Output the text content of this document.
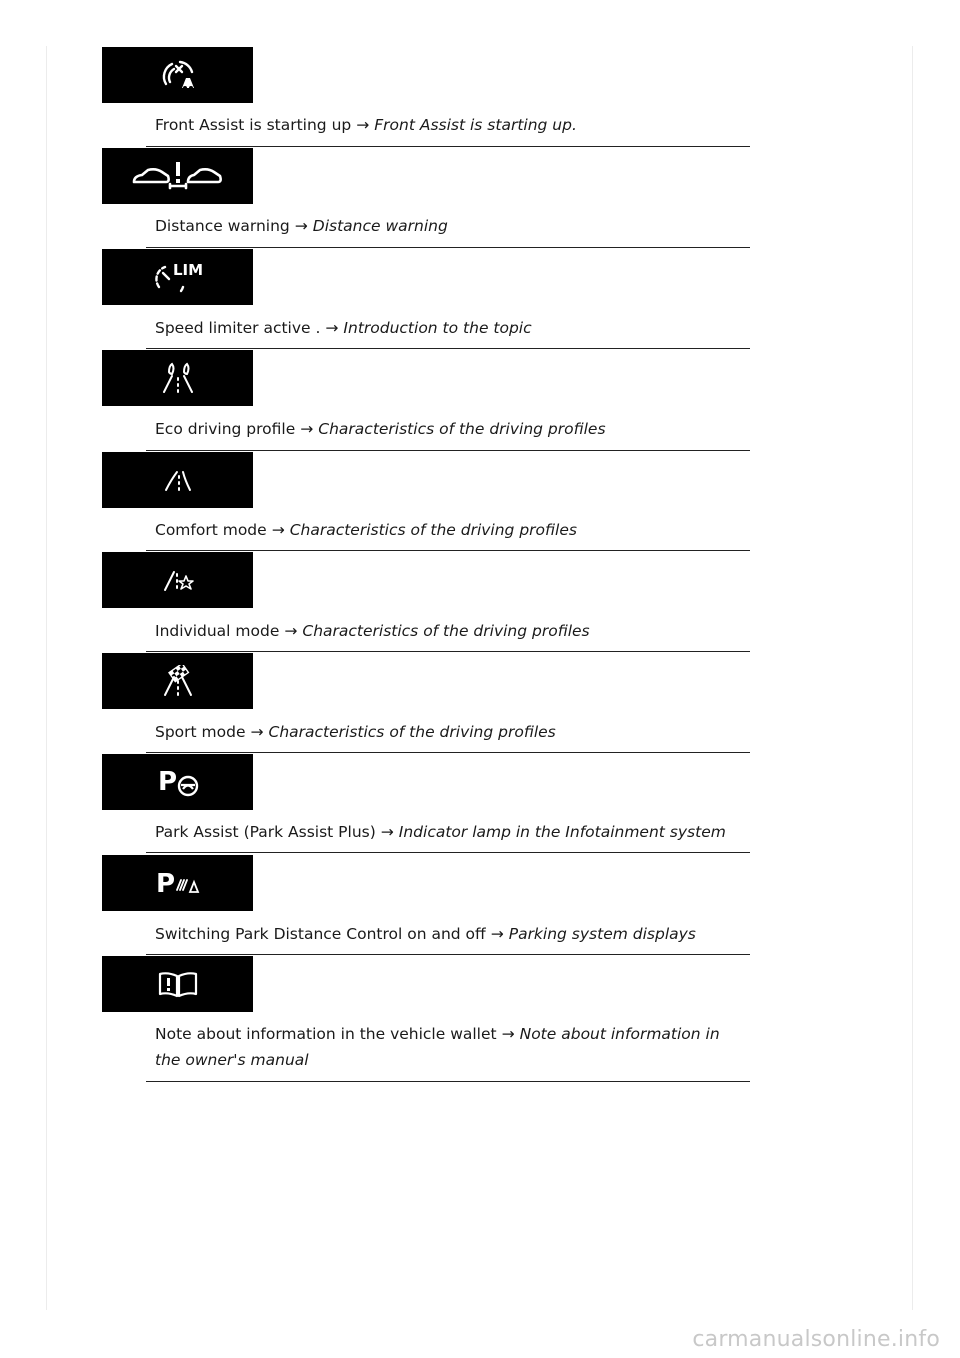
Front Assist is starting up → Front Assist is starting up.
Distance warning → Distance warning
LIM
Speed limiter active . → Introduction to the topic
Eco driving profile → Characteristics of the driving profiles
Comfort mode → Characteristics of the driving profiles
Individual mode → Characteristics of the driving profiles
Sport mode → Characteristics of the driving profiles
P
Park Assist (Park Assist Plus) → Indicator lamp in the Infotainment system
P
Switching Park Distance Control on and off → Parking system displays
Note about information in the vehicle wallet → Note about information in the owner's manual
carmanualsonline.info
